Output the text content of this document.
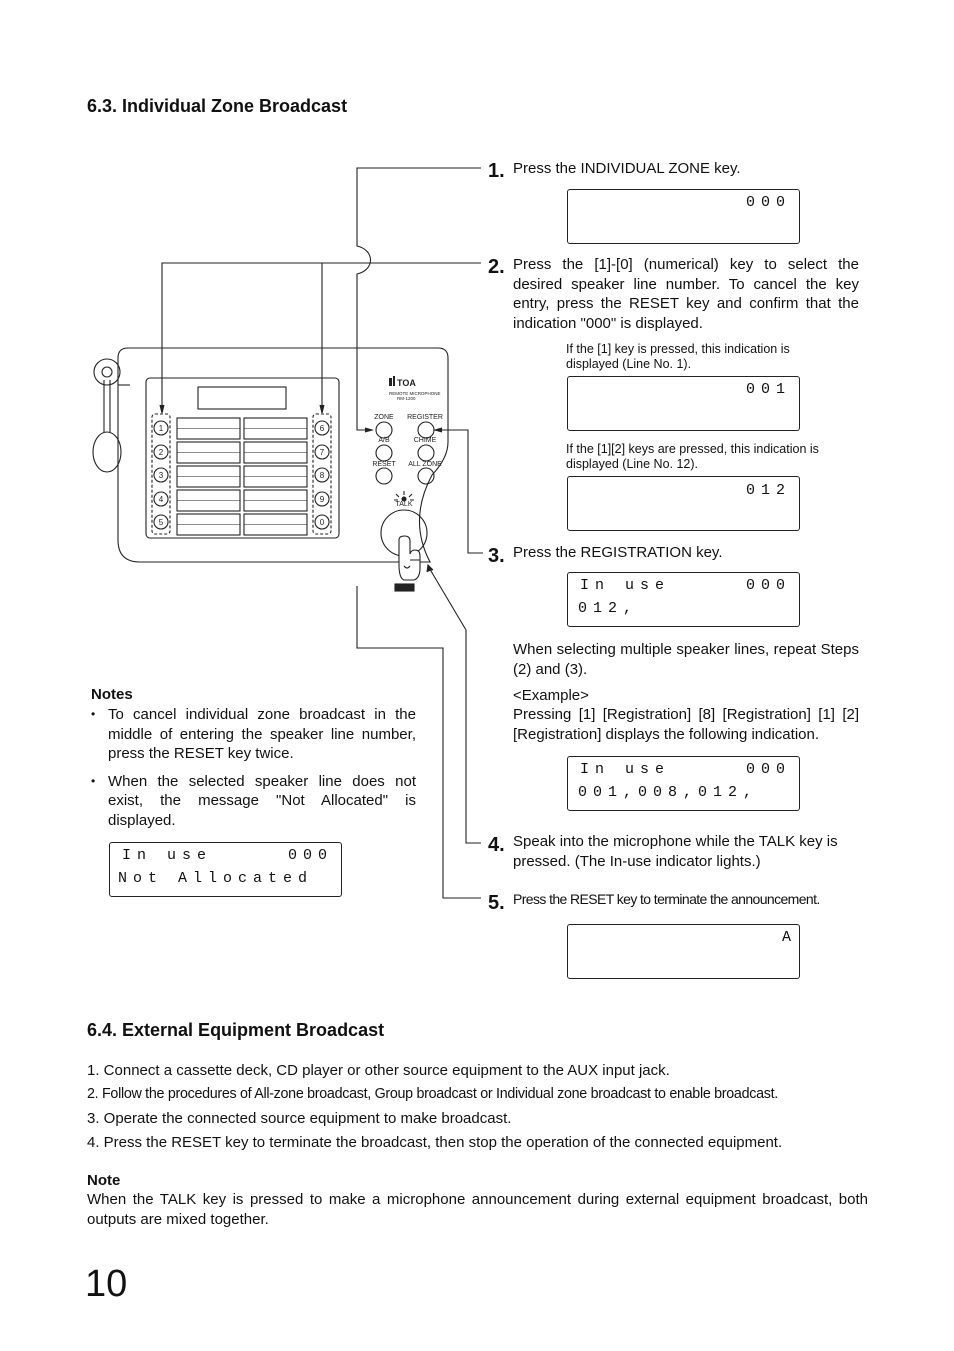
6.3. Individual Zone Broadcast
TOA
REMOTE MICROPHONE
RM-1200
ZONE REGISTER
A/B	CHIME
RESET ALL ZONE
TALK
1
2
3
4
5
6
7
8
9
0
1. Press the INDIVIDUAL ZONE key.
000
2. Press the [1]-[0] (numerical) key to select the desired speaker line number. To cancel the key entry, press the RESET key and confirm that the indication "000" is displayed.
If the [1] key is pressed, this indication is displayed (Line No. 1).
001
If the [1][2] keys are pressed, this indication is displayed (Line No. 12).
012
3. Press the REGISTRATION key.
In use	000
012,
When selecting multiple speaker lines, repeat Steps (2) and (3).
<Example>
Pressing [1] [Registration] [8] [Registration] [1] [2] [Registration] displays the following indication.
In use	000
001,008,012,
4. Speak into the microphone while the TALK key is pressed. (The In-use indicator lights.)
5. Press the RESET key to terminate the announcement.
A
Notes
• To cancel individual zone broadcast in the middle of entering the speaker line number, press the RESET key twice.
• When the selected speaker line does not exist, the message "Not Allocated" is displayed.
In use	000
Not Allocated
6.4. External Equipment Broadcast
1. Connect a cassette deck, CD player or other source equipment to the AUX input jack.
2. Follow the procedures of All-zone broadcast, Group broadcast or Individual zone broadcast to enable broadcast.
3. Operate the connected source equipment to make broadcast.
4. Press the RESET key to terminate the broadcast, then stop the operation of the connected equipment.
Note
When the TALK key is pressed to make a microphone announcement during external equipment broadcast, both outputs are mixed together.
10
